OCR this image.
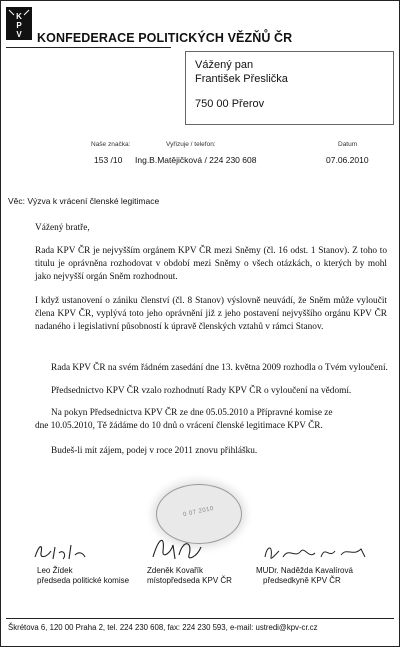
K
P
V KONFEDERACE POLITICKÝCH VĚZŇŮ ČR
Vážený pan
František Přeslička
750 00 Přerov
Naše značka:
153 /10
Vyřizuje / telefon:
Ing.B.Matějičková / 224 230 608
Datum
07.06.2010
Věc: Výzva k vrácení členské legitimace
Vážený bratře,

Rada KPV ČR je nejvyšším orgánem KPV ČR mezi Sněmy (čl. 16 odst. 1 Stanov). Z toho to titulu je oprávněna rozhodovat v období mezi Sněmy o všech otázkách, o kterých by mohl jako nejvyšší orgán Sněm rozhodnout.

I když ustanovení o zániku členství (čl. 8 Stanov) výslovně neuvádí, že Sněm může vyloučit člena KPV ČR, vyplývá toto jeho oprávnění již z jeho postavení nejvyššího orgánu KPV ČR nadaného i legislativní působností k úpravě členských vztahů v rámci Stanov.

Rada KPV ČR na svém řádném zasedání dne 13. května 2009 rozhodla o Tvém vyloučení.

Předsednictvo KPV ČR vzalo rozhodnutí Rady KPV ČR o vyloučení na vědomí.

Na pokyn Předsednictva KPV ČR ze dne 05.05.2010 a Přípravné komise ze dne 10.05.2010, Tě žádáme do 10 dnů o vrácení členské legitimace KPV ČR.

Budeš-li mít zájem, podej v roce 2011 znovu přihlášku.

0 07 2010
Leo Žídek
předseda politické komise
Zdeněk Kovařík
místopředseda KPV ČR
MUDr. Naděžda Kavalírová
předsedkyně KPV ČR
Škrétova 6, 120 00 Praha 2, tel. 224 230 608, fax: 224 230 593, e-mail: ustredi@kpv-cr.cz
